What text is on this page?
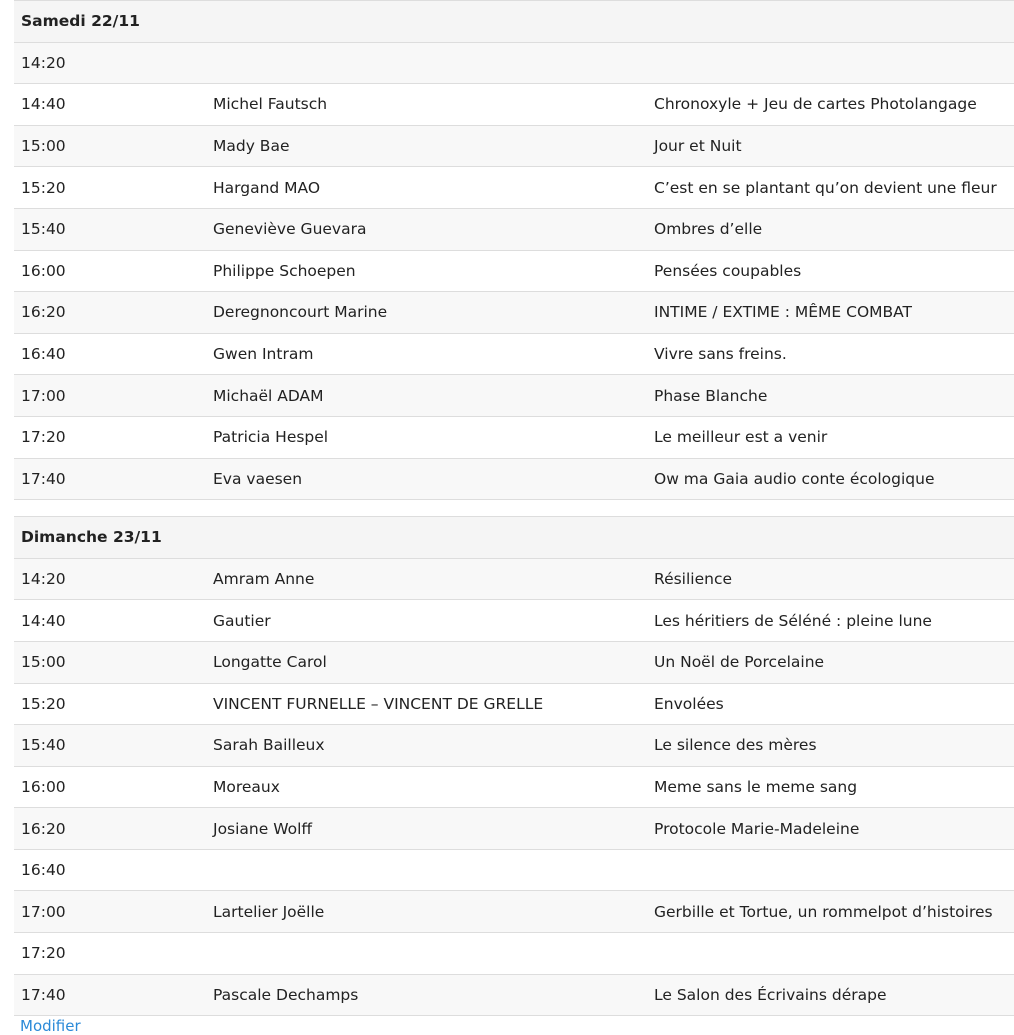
Samedi 22/11
14:20
14:40	Michel Fautsch	Chronoxyle + Jeu de cartes Photolangage
15:00	Mady Bae	Jour et Nuit
15:20	Hargand MAO	C’est en se plantant qu’on devient une fleur
15:40	Geneviève Guevara	Ombres d’elle
16:00	Philippe Schoepen	Pensées coupables
16:20	Deregnoncourt Marine	INTIME / EXTIME : MÊME COMBAT
16:40	Gwen Intram	Vivre sans freins.
17:00	Michaël ADAM	Phase Blanche
17:20	Patricia Hespel	Le meilleur est a venir
17:40	Eva vaesen	Ow ma Gaia audio conte écologique
Dimanche 23/11
14:20	Amram Anne	Résilience
14:40	Gautier	Les héritiers de Séléné : pleine lune
15:00	Longatte Carol	Un Noël de Porcelaine
15:20	VINCENT FURNELLE – VINCENT DE GRELLE	Envolées
15:40	Sarah Bailleux	Le silence des mères
16:00	Moreaux	Meme sans le meme sang
16:20	Josiane Wolff	Protocole Marie-Madeleine
16:40
17:00	Lartelier Joëlle	Gerbille et Tortue, un rommelpot d’histoires
17:20
17:40	Pascale Dechamps	Le Salon des Écrivains dérape
Modifier
